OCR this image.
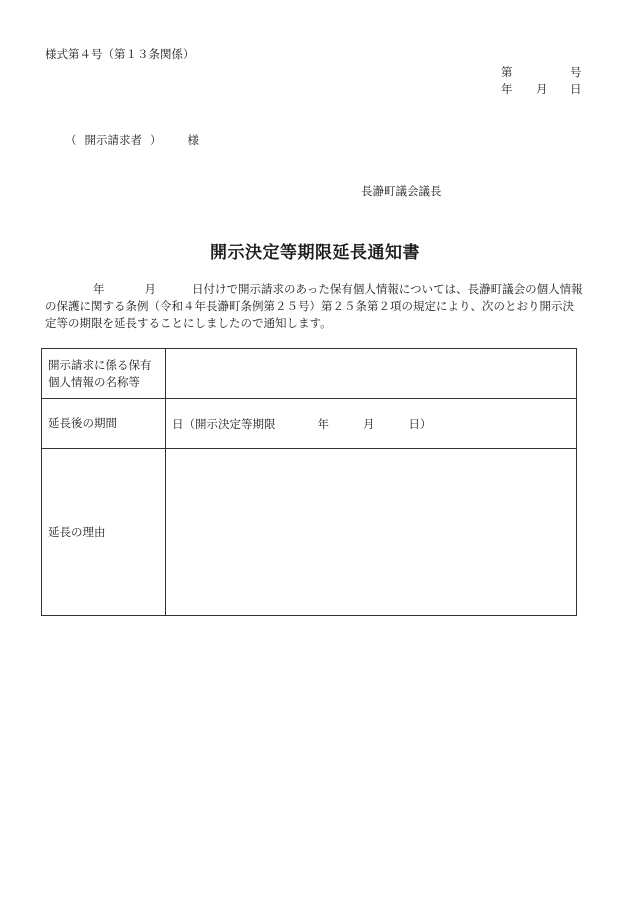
様式第４号（第１３条関係）
第	号
年 月 日
（ 開示請求者 ） 様
長瀞町議会議長
開示決定等期限延長通知書
年	月	日付けで開示請求のあった保有個人情報については、長瀞町議会の個人情報
の保護に関する条例（令和４年長瀞町条例第２５号）第２５条第２項の規定により、次のとおり開示決
定等の期限を延長することにしましたので通知します。
開示請求に係る保有
個人情報の名称等	

延長後の期間	日（開示決定等期限 年 月 日）
延長の理由	
